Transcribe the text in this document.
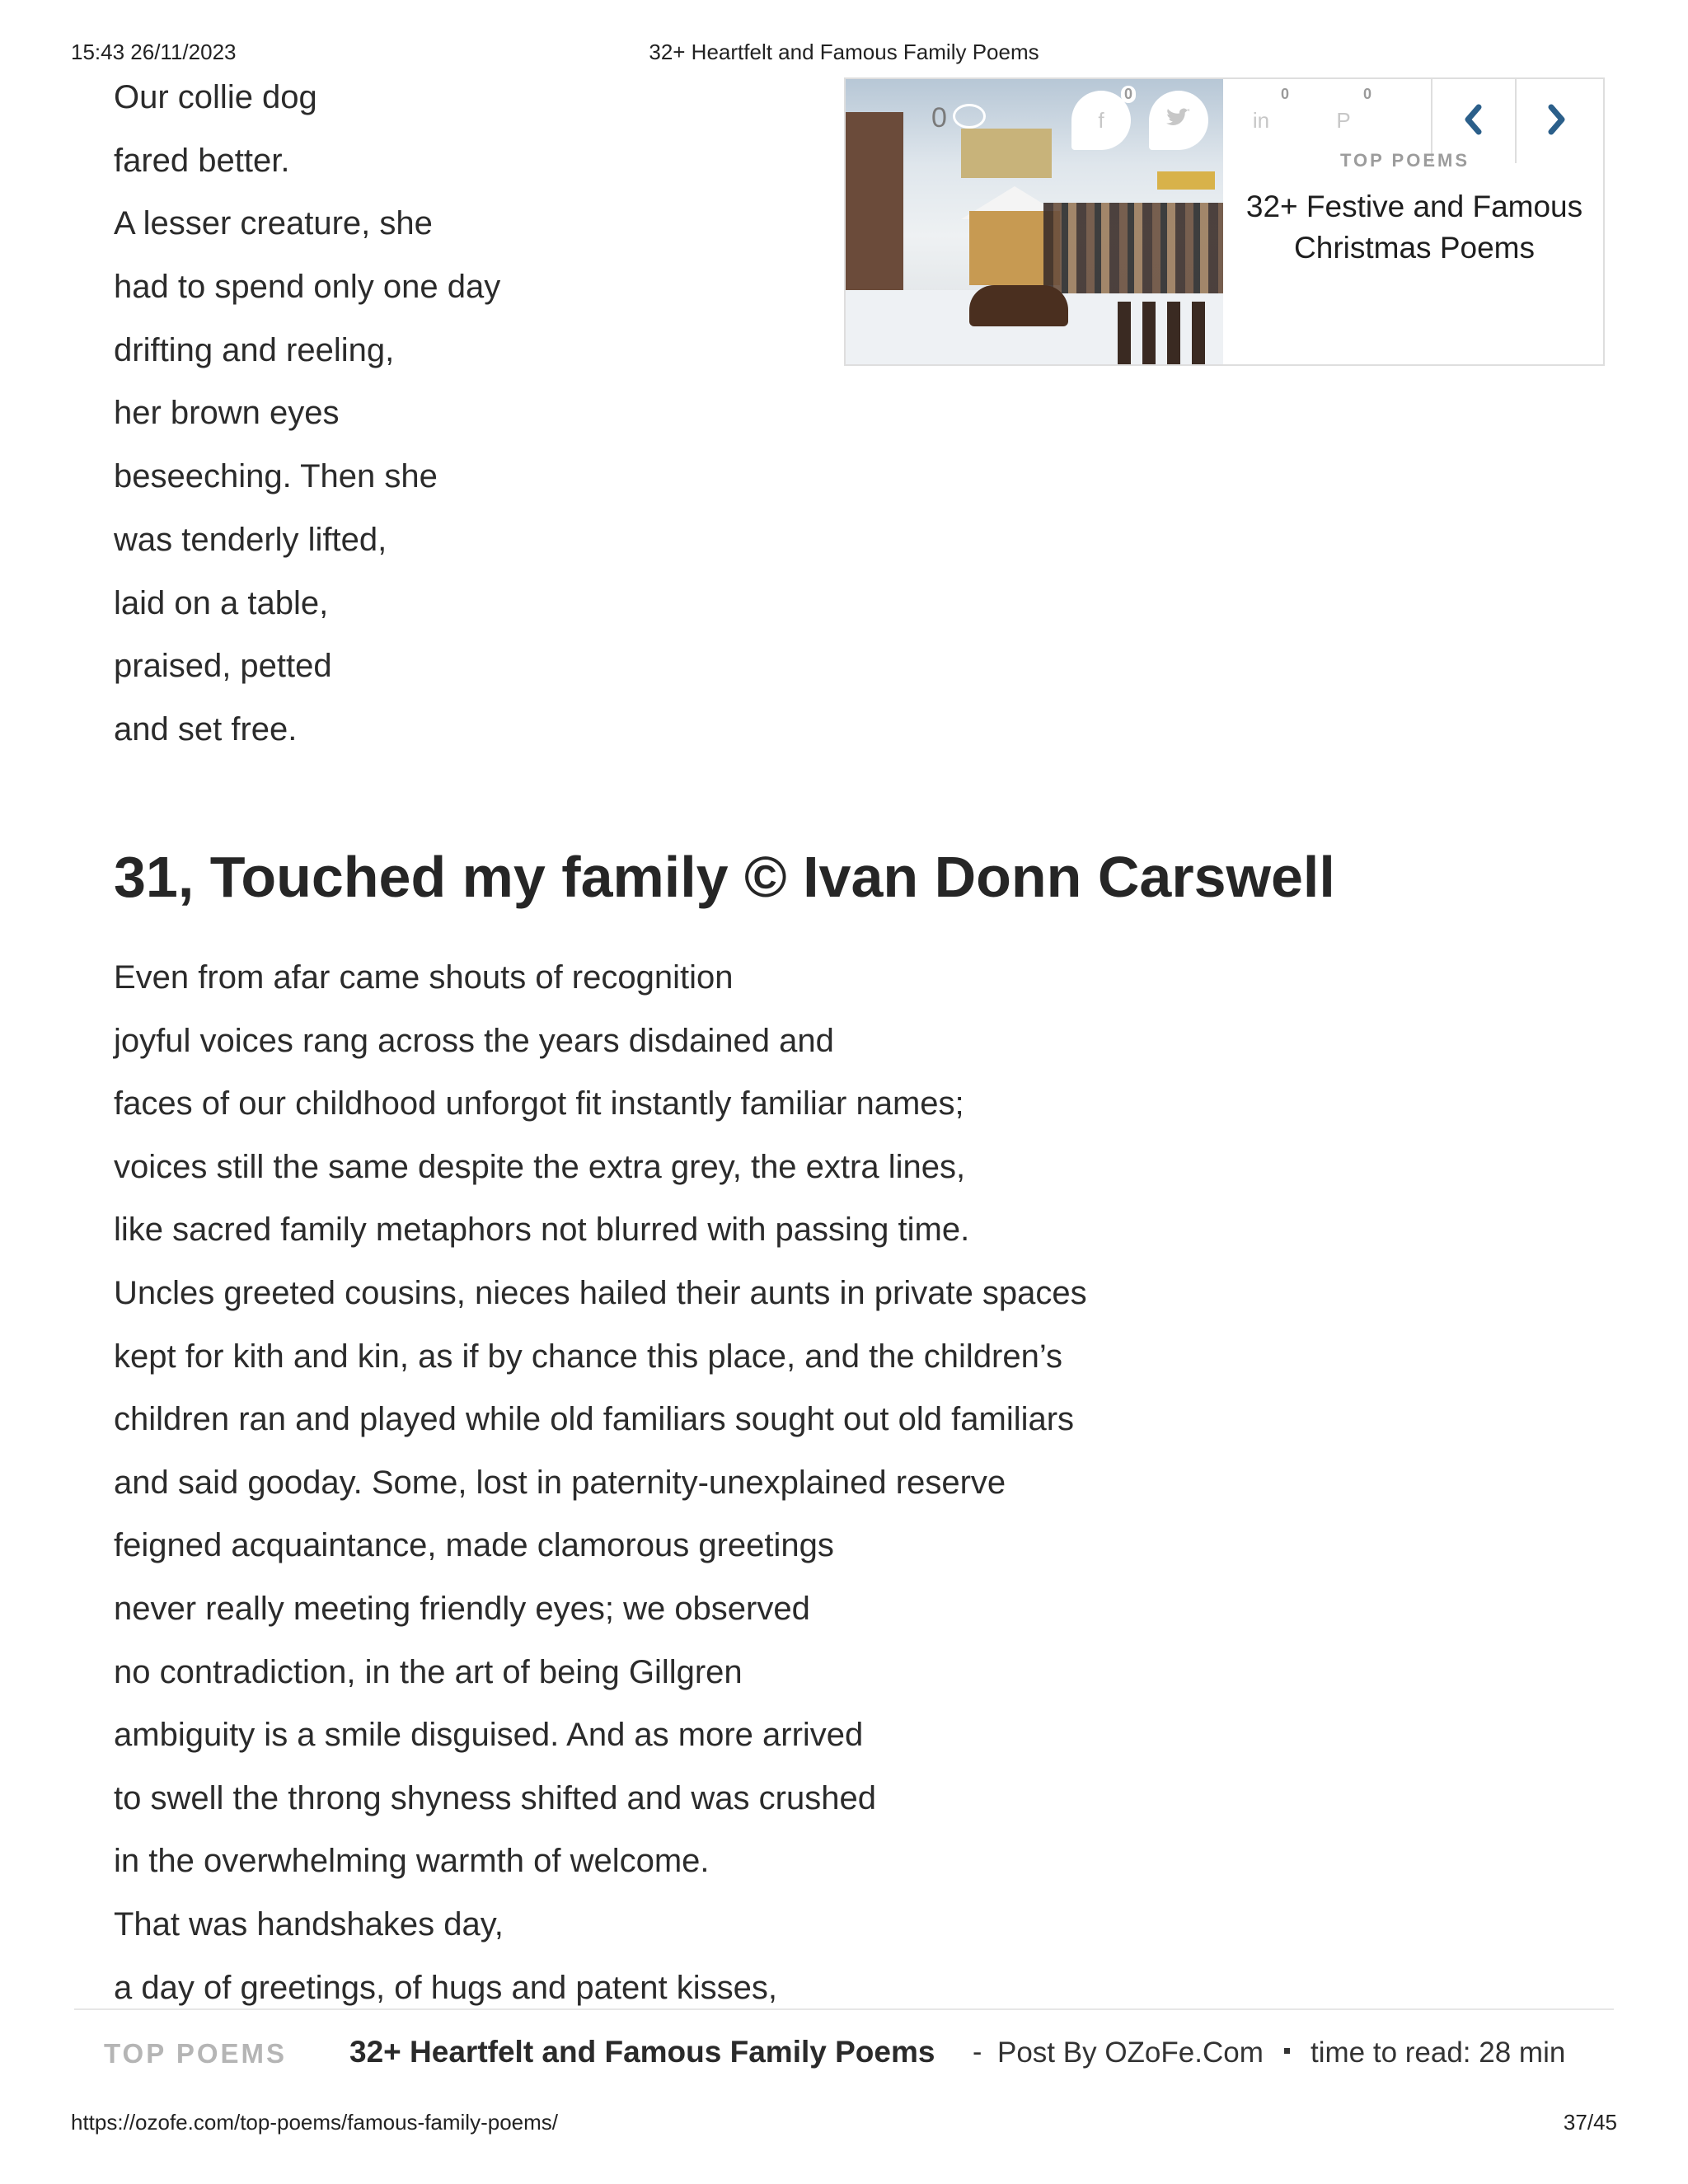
15:43 26/11/2023	32+ Heartfelt and Famous Family Poems
Our collie dog
fared better.
A lesser creature, she
had to spend only one day
drifting and reeling,
her brown eyes
beseeching. Then she
was tenderly lifted,
laid on a table,
praised, petted
and set free.
31, Touched my family © Ivan Donn Carswell
Even from afar came shouts of recognition
joyful voices rang across the years disdained and
faces of our childhood unforgot fit instantly familiar names;
voices still the same despite the extra grey, the extra lines,
like sacred family metaphors not blurred with passing time.
Uncles greeted cousins, nieces hailed their aunts in private spaces
kept for kith and kin, as if by chance this place, and the children’s
children ran and played while old familiars sought out old familiars
and said gooday. Some, lost in paternity-unexplained reserve
feigned acquaintance, made clamorous greetings
never really meeting friendly eyes; we observed
no contradiction, in the art of being Gillgren
ambiguity is a smile disguised. And as more arrived
to swell the throng shyness shifted and was crushed
in the overwhelming warmth of welcome.
That was handshakes day,
a day of greetings, of hugs and patent kisses,
0	f
0
in
0
P
0
TOP POEMS
32+ Festive and Famous Christmas Poems
TOP POEMS 32+ Heartfelt and Famous Family Poems - Post By OZoFe.Com time to read: 28 min
https://ozofe.com/top-poems/famous-family-poems/	37/45
